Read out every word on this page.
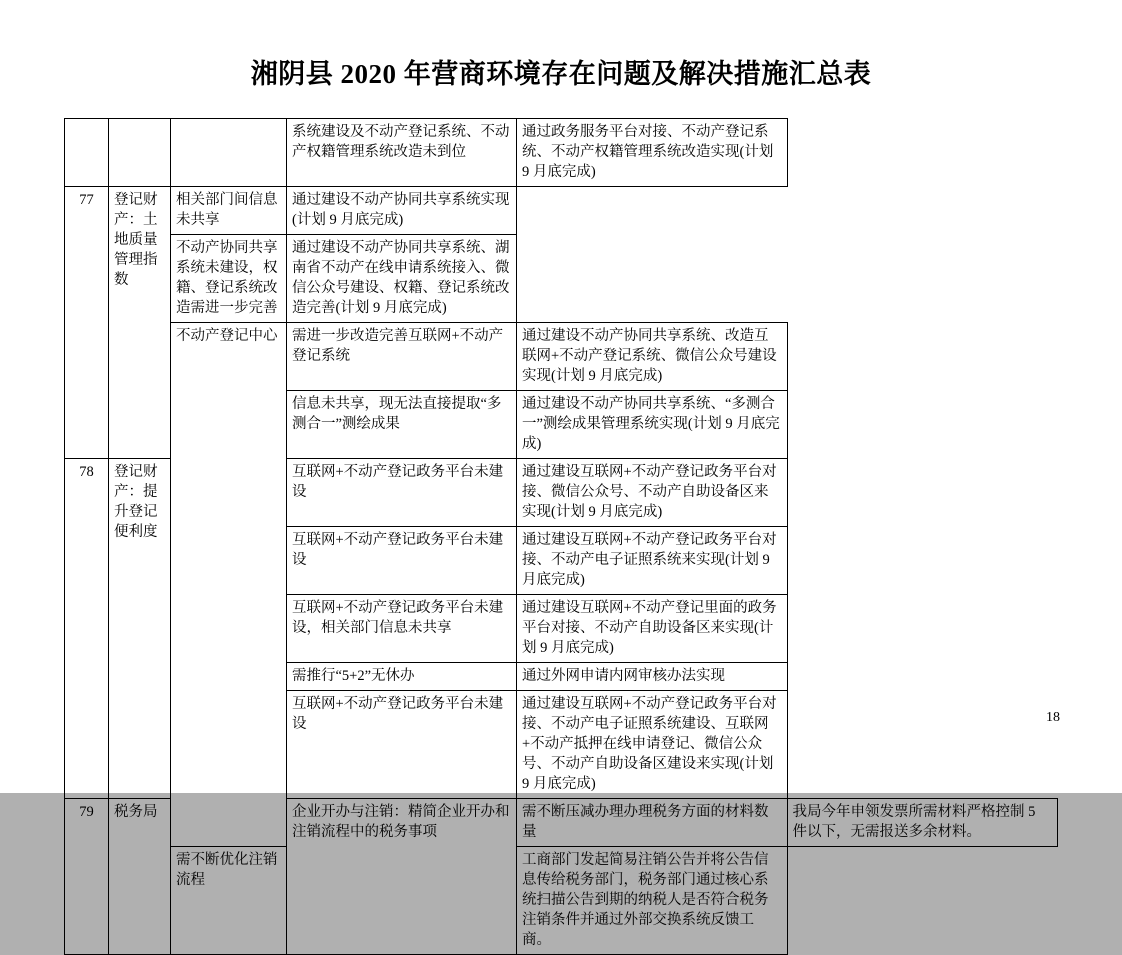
湘阴县 2020 年营商环境存在问题及解决措施汇总表
			系统建设及不动产登记系统、不动产权籍管理系统改造未到位	通过政务服务平台对接、不动产登记系统、不动产权籍管理系统改造实现(计划 9 月底完成)	
77	登记财产：土地质量管理指数	相关部门间信息未共享	通过建设不动产协同共享系统实现(计划 9 月底完成)		
		不动产协同共享系统未建设，权籍、登记系统改造需进一步完善	通过建设不动产协同共享系统、湖南省不动产在线申请系统接入、微信公众号建设、权籍、登记系统改造完善(计划 9 月底完成)		
		不动产登记中心	需进一步改造完善互联网+不动产登记系统	通过建设不动产协同共享系统、改造互联网+不动产登记系统、微信公众号建设实现(计划 9 月底完成)	
			信息未共享，现无法直接提取“多测合一”测绘成果	通过建设不动产协同共享系统、“多测合一”测绘成果管理系统实现(计划 9 月底完成)	
78	登记财产：提升登记便利度		互联网+不动产登记政务平台未建设	通过建设互联网+不动产登记政务平台对接、微信公众号、不动产自助设备区来实现(计划 9 月底完成)	
			互联网+不动产登记政务平台未建设	通过建设互联网+不动产登记政务平台对接、不动产电子证照系统来实现(计划 9 月底完成)	
			互联网+不动产登记政务平台未建设，相关部门信息未共享	通过建设互联网+不动产登记里面的政务平台对接、不动产自助设备区来实现(计划 9 月底完成)	
			需推行“5+2”无休办	通过外网申请内网审核办法实现	
			互联网+不动产登记政务平台未建设	通过建设互联网+不动产登记政务平台对接、不动产电子证照系统建设、互联网+不动产抵押在线申请登记、微信公众号、不动产自助设备区建设来实现(计划 9 月底完成)	
79	税务局		企业开办与注销：精简企业开办和注销流程中的税务事项	需不断压减办理办理税务方面的材料数量	我局今年申领发票所需材料严格控制 5 件以下，无需报送多余材料。
		需不断优化注销流程		工商部门发起简易注销公告并将公告信息传给税务部门，税务部门通过核心系统扫描公告到期的纳税人是否符合税务注销条件并通过外部交换系统反馈工商。	
18
